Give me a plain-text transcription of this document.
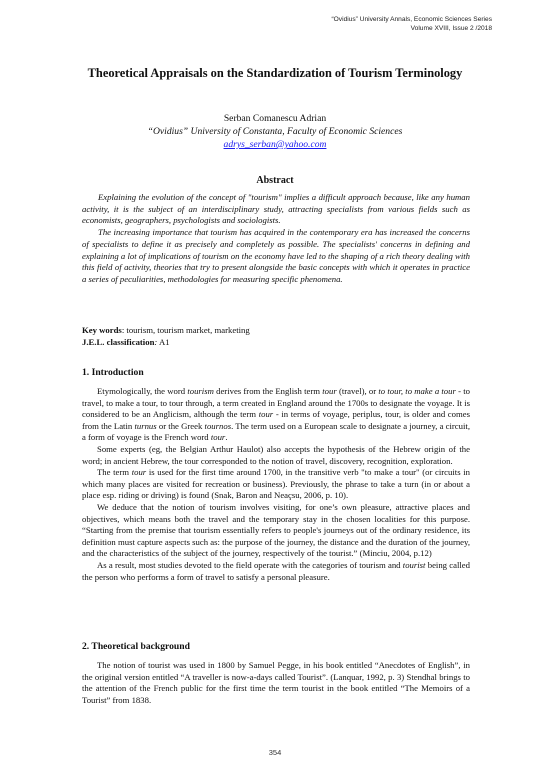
“Ovidius” University Annals, Economic Sciences Series
Volume XVIII, Issue 2 /2018
Theoretical Appraisals on the Standardization of Tourism Terminology
Serban Comanescu Adrian
“Ovidius” University of Constanta, Faculty of Economic Sciences
adrys_serban@yahoo.com
Abstract

Explaining the evolution of the concept of "tourism" implies a difficult approach because, like any human activity, it is the subject of an interdisciplinary study, attracting specialists from various fields such as economists, geographers, psychologists and sociologists.

The increasing importance that tourism has acquired in the contemporary era has increased the concerns of specialists to define it as precisely and completely as possible. The specialists' concerns in defining and explaining a lot of implications of tourism on the economy have led to the shaping of a rich theory dealing with this field of activity, theories that try to present alongside the basic concepts with which it operates in practice a series of peculiarities, methodologies for measuring specific phenomena.

Key words: tourism, tourism market, marketing
J.E.L. classification: A1
1. Introduction

Etymologically, the word tourism derives from the English term tour (travel), or to tour, to make a tour - to travel, to make a tour, to tour through, a term created in England around the 1700s to designate the voyage. It is considered to be an Anglicism, although the term tour - in terms of voyage, periplus, tour, is older and comes from the Latin turnus or the Greek tournos. The term used on a European scale to designate a journey, a circuit, a form of voyage is the French word tour.

Some experts (eg, the Belgian Arthur Haulot) also accepts the hypothesis of the Hebrew origin of the word; in ancient Hebrew, the tour corresponded to the notion of travel, discovery, recognition, exploration.

The term tour is used for the first time around 1700, in the transitive verb "to make a tour" (or circuits in which many places are visited for recreation or business). Previously, the phrase to take a turn (in or about a place esp. riding or driving) is found (Snak, Baron and Neaçsu, 2006, p. 10).

We deduce that the notion of tourism involves visiting, for one’s own pleasure, attractive places and objectives, which means both the travel and the temporary stay in the chosen localities for this purpose. “Starting from the premise that tourism essentially refers to people's journeys out of the ordinary residence, its definition must capture aspects such as: the purpose of the journey, the distance and the duration of the journey, and the characteristics of the subject of the journey, respectively of the tourist.” (Minciu, 2004, p.12)

As a result, most studies devoted to the field operate with the categories of tourism and tourist being called the person who performs a form of travel to satisfy a personal pleasure.

2. Theoretical background

The notion of tourist was used in 1800 by Samuel Pegge, in his book entitled “Anecdotes of English”, in the original version entitled “A traveller is now-a-days called Tourist”. (Lanquar, 1992, p. 3) Stendhal brings to the attention of the French public for the first time the term tourist in the book entitled “The Memoirs of a Tourist” from 1838.

354
